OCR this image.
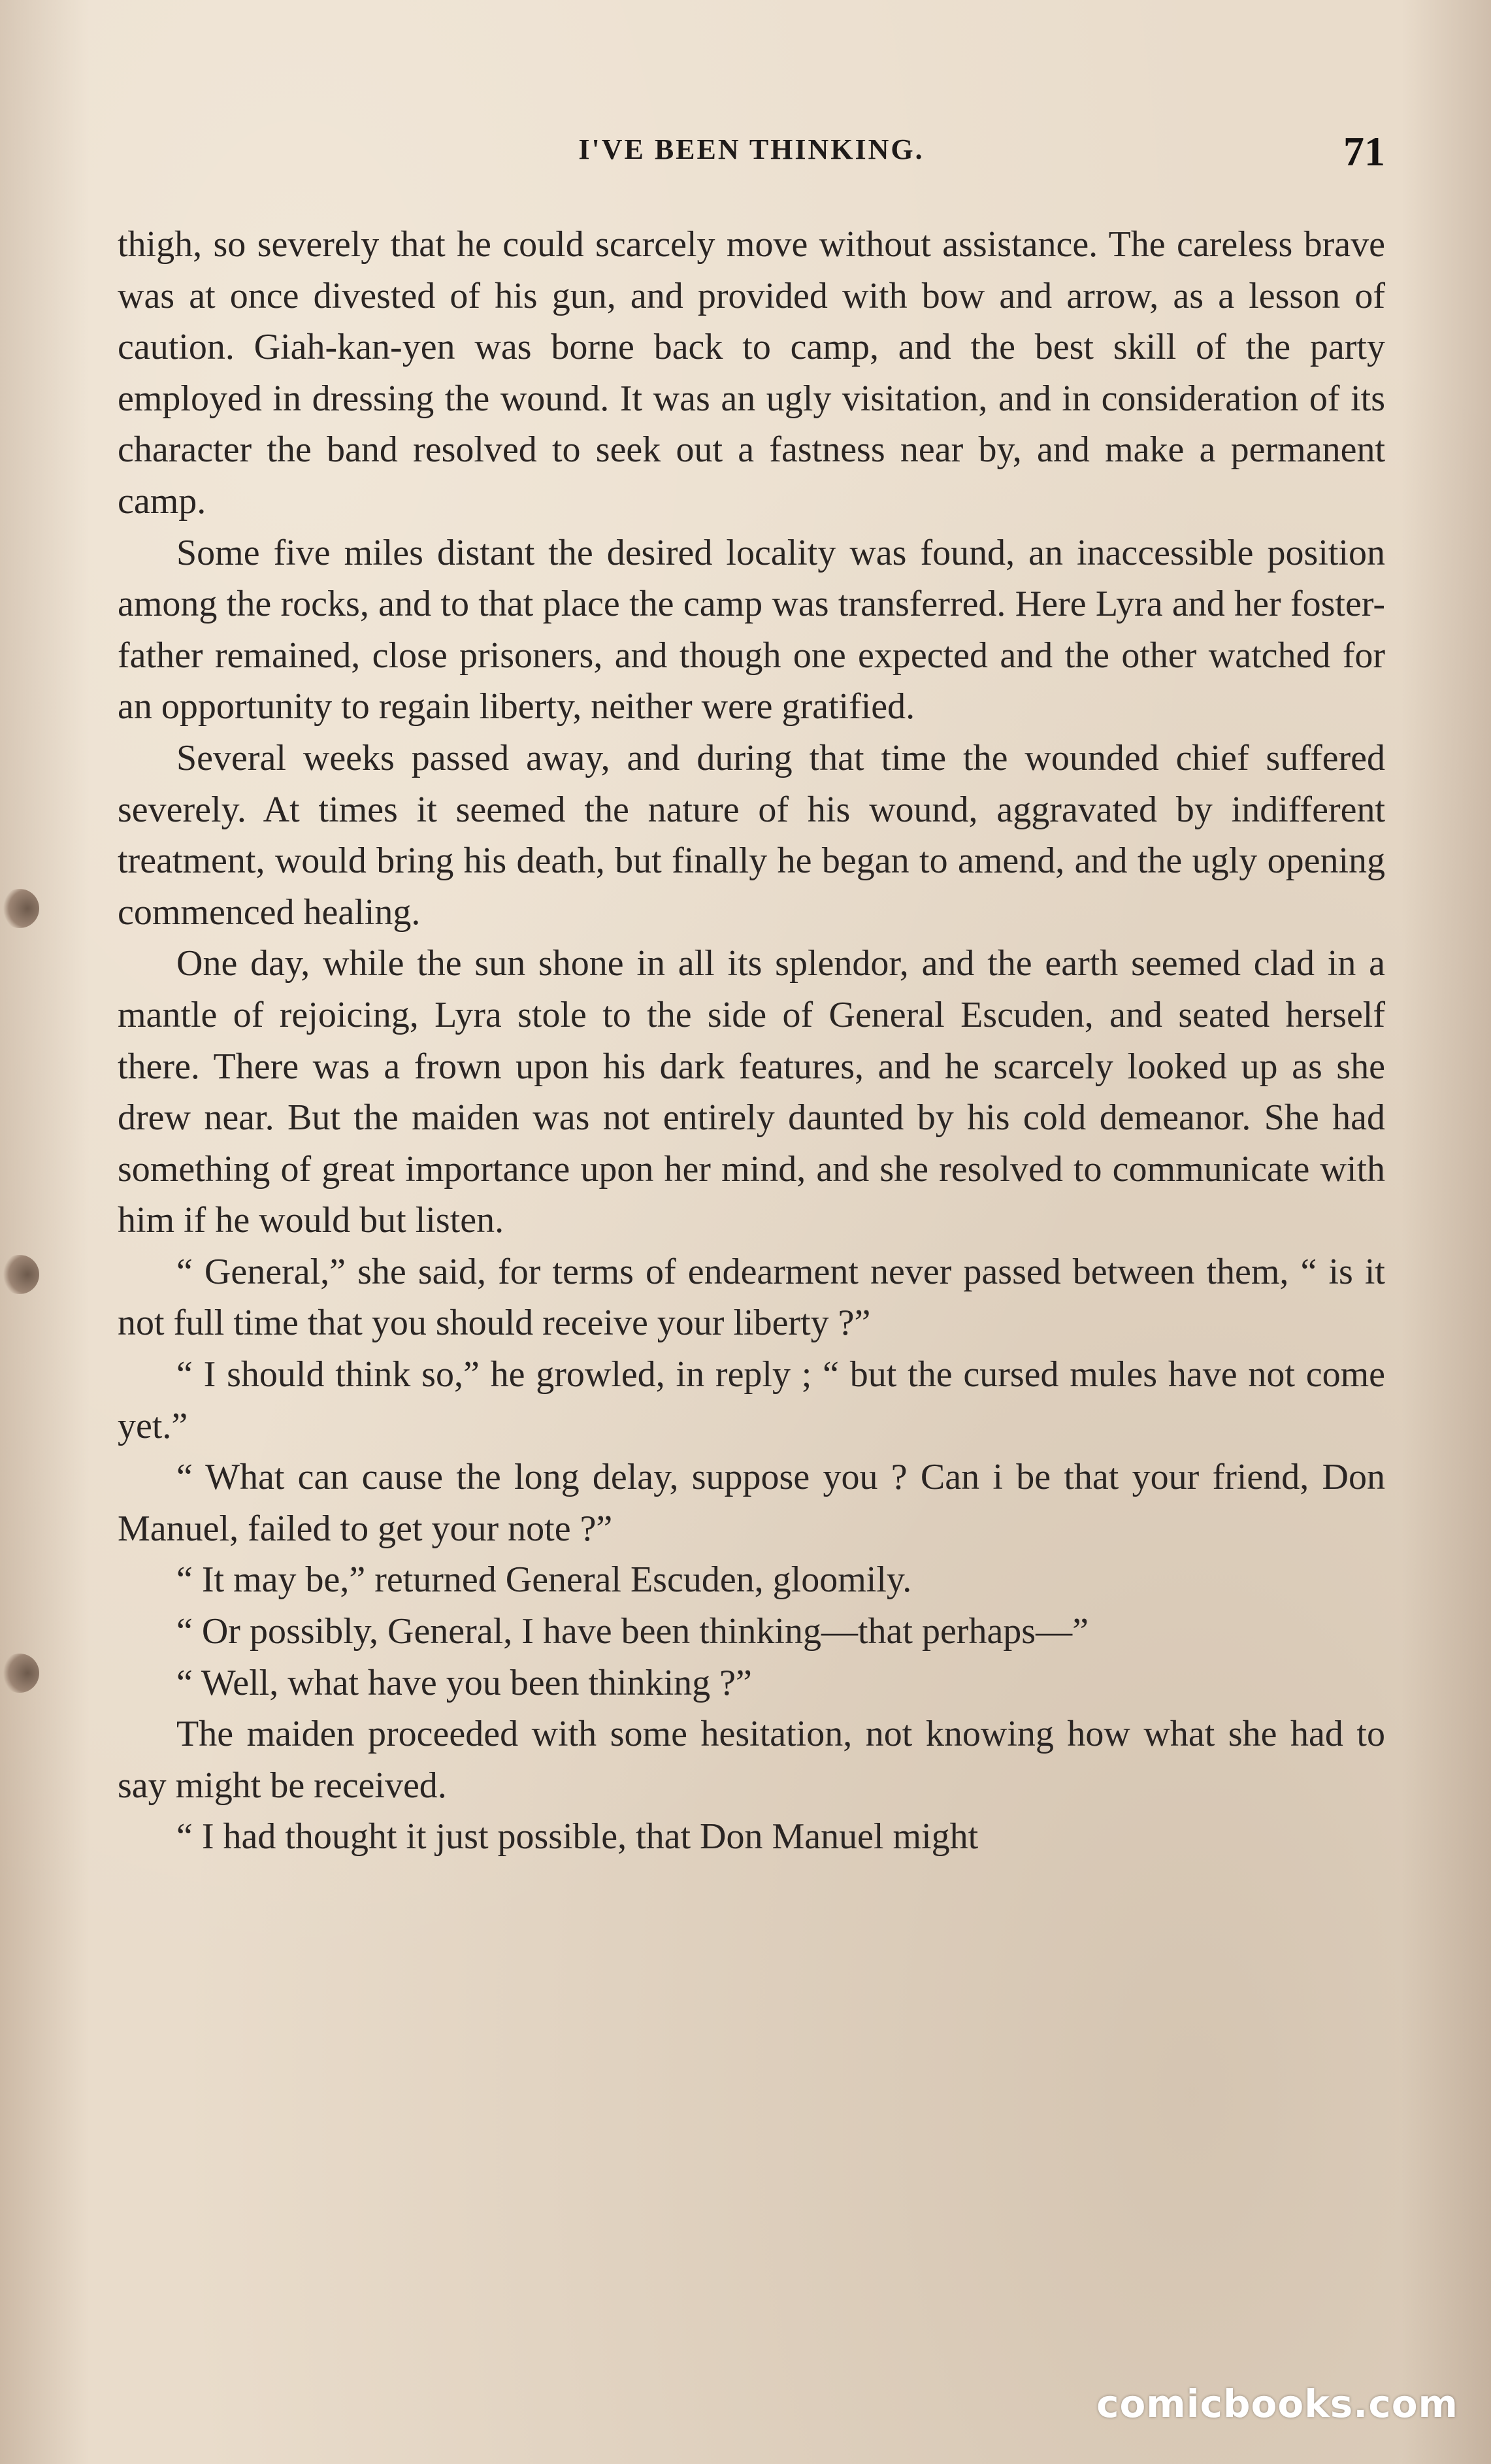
I'VE BEEN THINKING.	71

thigh, so severely that he could scarcely move without assistance. The careless brave was at once divested of his gun, and provided with bow and arrow, as a lesson of caution. Giah-kan-yen was borne back to camp, and the best skill of the party employed in dressing the wound. It was an ugly visitation, and in consideration of its character the band resolved to seek out a fastness near by, and make a permanent camp.

Some five miles distant the desired locality was found, an inaccessible position among the rocks, and to that place the camp was transferred. Here Lyra and her foster-father remained, close prisoners, and though one expected and the other watched for an opportunity to regain liberty, neither were gratified.

Several weeks passed away, and during that time the wounded chief suffered severely. At times it seemed the nature of his wound, aggravated by indifferent treatment, would bring his death, but finally he began to amend, and the ugly opening commenced healing.

One day, while the sun shone in all its splendor, and the earth seemed clad in a mantle of rejoicing, Lyra stole to the side of General Escuden, and seated herself there. There was a frown upon his dark features, and he scarcely looked up as she drew near. But the maiden was not entirely daunted by his cold demeanor. She had something of great importance upon her mind, and she resolved to communicate with him if he would but listen.

“ General,” she said, for terms of endearment never passed between them, “ is it not full time that you should receive your liberty ?”

“ I should think so,” he growled, in reply ; “ but the cursed mules have not come yet.”

“ What can cause the long delay, suppose you ? Can i be that your friend, Don Manuel, failed to get your note ?”

“ It may be,” returned General Escuden, gloomily.

“ Or possibly, General, I have been thinking—that perhaps—”

“ Well, what have you been thinking ?”

The maiden proceeded with some hesitation, not knowing how what she had to say might be received.

“ I had thought it just possible, that Don Manuel might

comicbooks.com
